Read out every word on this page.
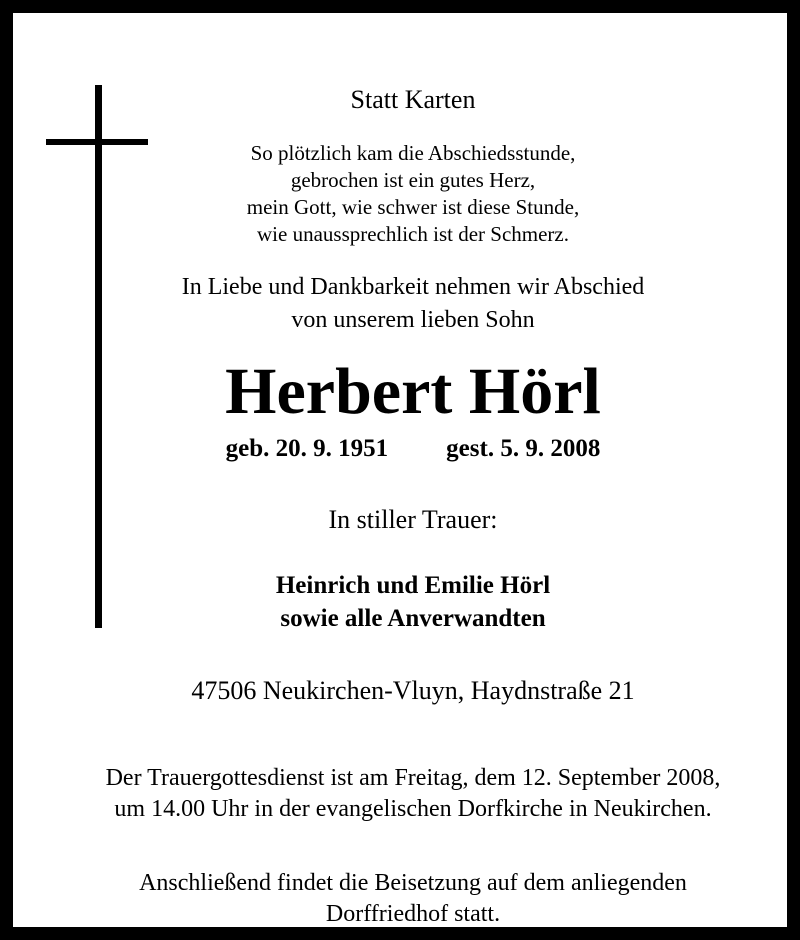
Statt Karten

So plötzlich kam die Abschiedsstunde,
gebrochen ist ein gutes Herz,
mein Gott, wie schwer ist diese Stunde,
wie unaussprechlich ist der Schmerz.

In Liebe und Dankbarkeit nehmen wir Abschied
von unserem lieben Sohn

Herbert Hörl

geb. 20. 9. 1951 gest. 5. 9. 2008

In stiller Trauer:

Heinrich und Emilie Hörl
sowie alle Anverwandten

47506 Neukirchen-Vluyn, Haydnstraße 21

Der Trauergottesdienst ist am Freitag, dem 12. September 2008,
um 14.00 Uhr in der evangelischen Dorfkirche in Neukirchen.

Anschließend findet die Beisetzung auf dem anliegenden
Dorffriedhof statt.
